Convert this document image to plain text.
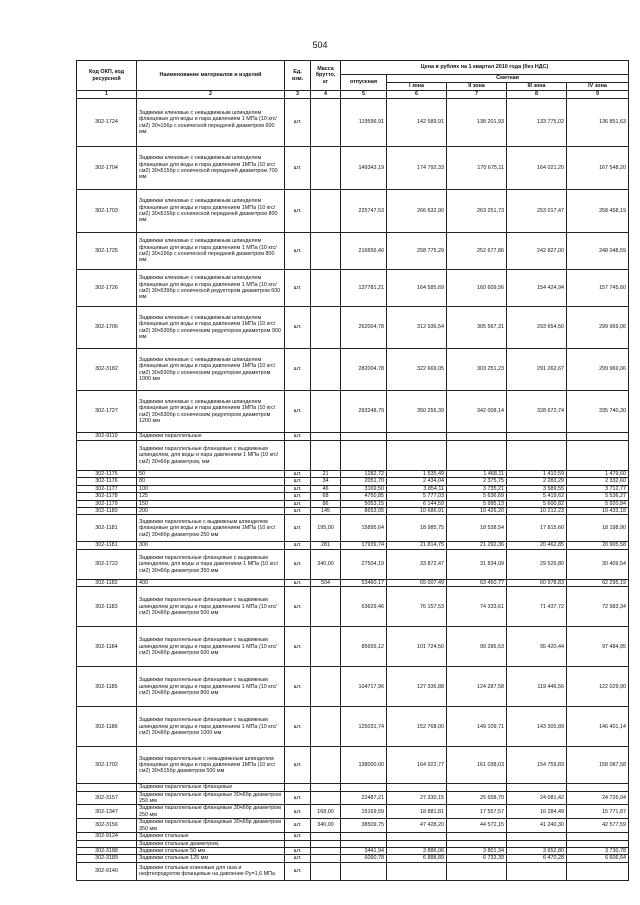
504
Код ОКП, код ресурсной	Наименование материалов и изделий	Ед. изм.	Масса брутто, кг	Цена в рублях на 1 квартал 2010 года (без НДС)				
				отпускная	Сметная			
					I зона	II зона	III зона	IV зона
1	2	3	4	5	6	7	8	9
302-1724	Задвижки клиновые с невыдвижным шпинделем фланцевые для воды и пара давлением 1 МПа (10 кгс/см2) 30ч156р с конической передачей диаметром 600 мм	шт.		119596,91	142 589,91	138 201,93	133 775,02	136 851,63
302-1704	Задвижки клиновые с невыдвижным шпинделем фланцевые для воды и пара давлением 1МПа (10 кгс/см2) 30ч515бр с конической передачей диаметром 700 мм	шт.		149343,19	174 792,33	170 675,11	164 021,20	167 548,20
302-1703	Задвижки клиновые с невыдвижным шпинделем фланцевые для воды и пара давлением 1МПа (10 кгс/см2) 30ч5156р с конической передачей диаметром 800 мм	шт.		225747,53	266 632,90	263 251,73	253 017,47	258 458,19
302-1725	Задвижки клиновые с невыдвижным шпинделем фланцевые для воды и пара давлением 1 МПа (10 кгс/см2) 30ч156р с конической передачей диаметром 800 мм	шт.		216656,40	258 775,29	252 677,86	242 827,00	248 048,59
302-1726	Задвижки клиновые с невыдвижным шпинделем фланцевые для воды и пара давлением 1 МПа (10 кгс/см2) 30ч539бр с конической редуктором диаметром 600 мм	шт.		137781,21	164 585,69	160 609,56	154 424,94	157 745,60
302-1706	Задвижки клиновые с невыдвижным шпинделем фланцевые для воды и пара давлением 1МПа (10 кгс/см2) 30ч530бр с коническим редуктором диаметром 900 мм	шт.		262004,78	312 936,54	305 567,31	293 654,50	299 969,06
302-3182	Задвижки клиновые с невыдвижным шпинделем фланцевые для воды и пара давлением 1МПа (10 кгс/см2) 30ч530бр с коническим редуктором диаметром 1000 мм	шт.		282004,78	322 669,05	303 251,23	291 262,67	299 969,06
302-1727	Задвижки клиновые с невыдвижным шпинделем фланцевые для воды и пара давлением 1МПа (10 кгс/см2) 30ч530бр с коническим редуктором диаметром 1200 мм	шт.		293248,79	350 256,39	342 008,14	328 672,74	335 740,30
302-9119	Задвижки параллельные	шт.						
	Задвижки параллельные фланцевые с выдвижным шпинделем, для воды и пара давлением 1 МПа (10 кгс/см2) 30ч6бр диаметром, мм:							
302-1175	50	шт.	21	1282,72	1 535,49	1 468,11	1 410,59	1 479,60
302-1176	80	шт.	34	2051,70	2 434,04	2 375,75	2 283,29	2 332,60
302-1177	100	шт.	46	3169,50	3 854,11	3 735,21	3 589,55	3 712,77
302-1178	125	шт.	68	4750,85	5 777,03	5 636,69	5 419,62	5 536,27
302-1179	150	шт.	86	5053,15	6 144,59	5 995,13	5 600,82	5 920,84
302-1180	200	шт.	145	8653,05	10 686,91	10 426,20	10 212,23	10 433,18
302-1181	Задвижки параллельные с выдвижным шпинделем фланцевые для воды и пара давлением 1МПа (10 кгс/см2) 30ч6бр диаметром 250 мм	шт.	195,00	15895,64	18 985,75	18 538,54	17 815,60	18 198,90
302-1181	300	шт.	281	17939,74	21 814,75	21 292,36	20 462,85	20 905,58
302-1722	Задвижки параллельные фланцевые с выдвижным шпинделем, для воды и пара давлением 1 МПа (10 кгс/см2) 30ч6бр диаметром 350 мм	шт.	340,00	27504,19	33 872,47	31 834,09	29 526,80	30 409,54
302-1182	400	шт.	504	53460,17	65 007,49	63 450,77	60 978,83	62 295,19
302-1183	Задвижки параллельные фланцевые с выдвижным шпинделем для воды и пара давлением 1 МПа (10 кгс/см2) 30ч6бр диаметром 500 мм	шт.		63629,46	76 157,53	74 333,61	71 437,72	72 983,34
302-1184	Задвижки параллельные фланцевые с выдвижным шпинделем для воды и пара давлением 1 МПа (10 кгс/см2) 30ч6бр диаметром 600 мм	шт.		85655,12	101 724,50	99 286,53	95 420,44	97 484,95
302-1185	Задвижки параллельные фланцевые с выдвижным шпинделем для воды и пара давлением 1 МПа (10 кгс/см2) 30ч6бр диаметром 800 мм	шт.		104717,96	127 336,88	124 287,58	119 446,56	122 029,90
302-1186	Задвижки параллельные фланцевые с выдвижным шпинделем для воды и пара давлением 1 МПа (10 кгс/см2) 30ч6бр диаметром 1000 мм	шт.		125031,74	152 768,00	149 109,71	143 300,89	146 401,14
302-1702	Задвижки параллельные с невыдвижным шпинделем фланцевые для воды и пара давлением 1МПа (10 кгс/см2) 30ч515бр диаметром 500 мм	шт.		138000,00	164 922,77	161 038,03	154 759,83	158 087,58
	Задвижки параллельные фланцевые							
302-3157	Задвижки параллельные фланцевые 30ч6бр диаметром 250 мм	шт.		22487,21	27 330,15	25 658,70	24 081,42	24 726,04
302-1347	Задвижки параллельные фланцевые 30ч6бр диаметром 250 мм	шт.	168,00	15169,59	18 881,81	17 557,57	16 284,49	15 771,87
302-3156	Задвижки параллельные фланцевые 30ч6бр диаметром 350 мм	шт.	340,00	38509,75	47 428,20	44 572,15	41 240,30	42 577,59
302-9124	Задвижки стальные	шт.						
	Задвижки стальные диаметром,							
302-3188	Задвижки стальные 50 мм	шт.		3441,94	3 886,06	3 801,34	3 652,80	3 730,78
302-3189	Задвижки стальные 125 мм	шт.		6090,78	6 888,89	6 733,39	6 470,28	6 606,64
302-9140	Задвижки стальные клиновые для газа и нефтепродуктов фланцевые на давление Ру=1,6 МПа	шт.						
